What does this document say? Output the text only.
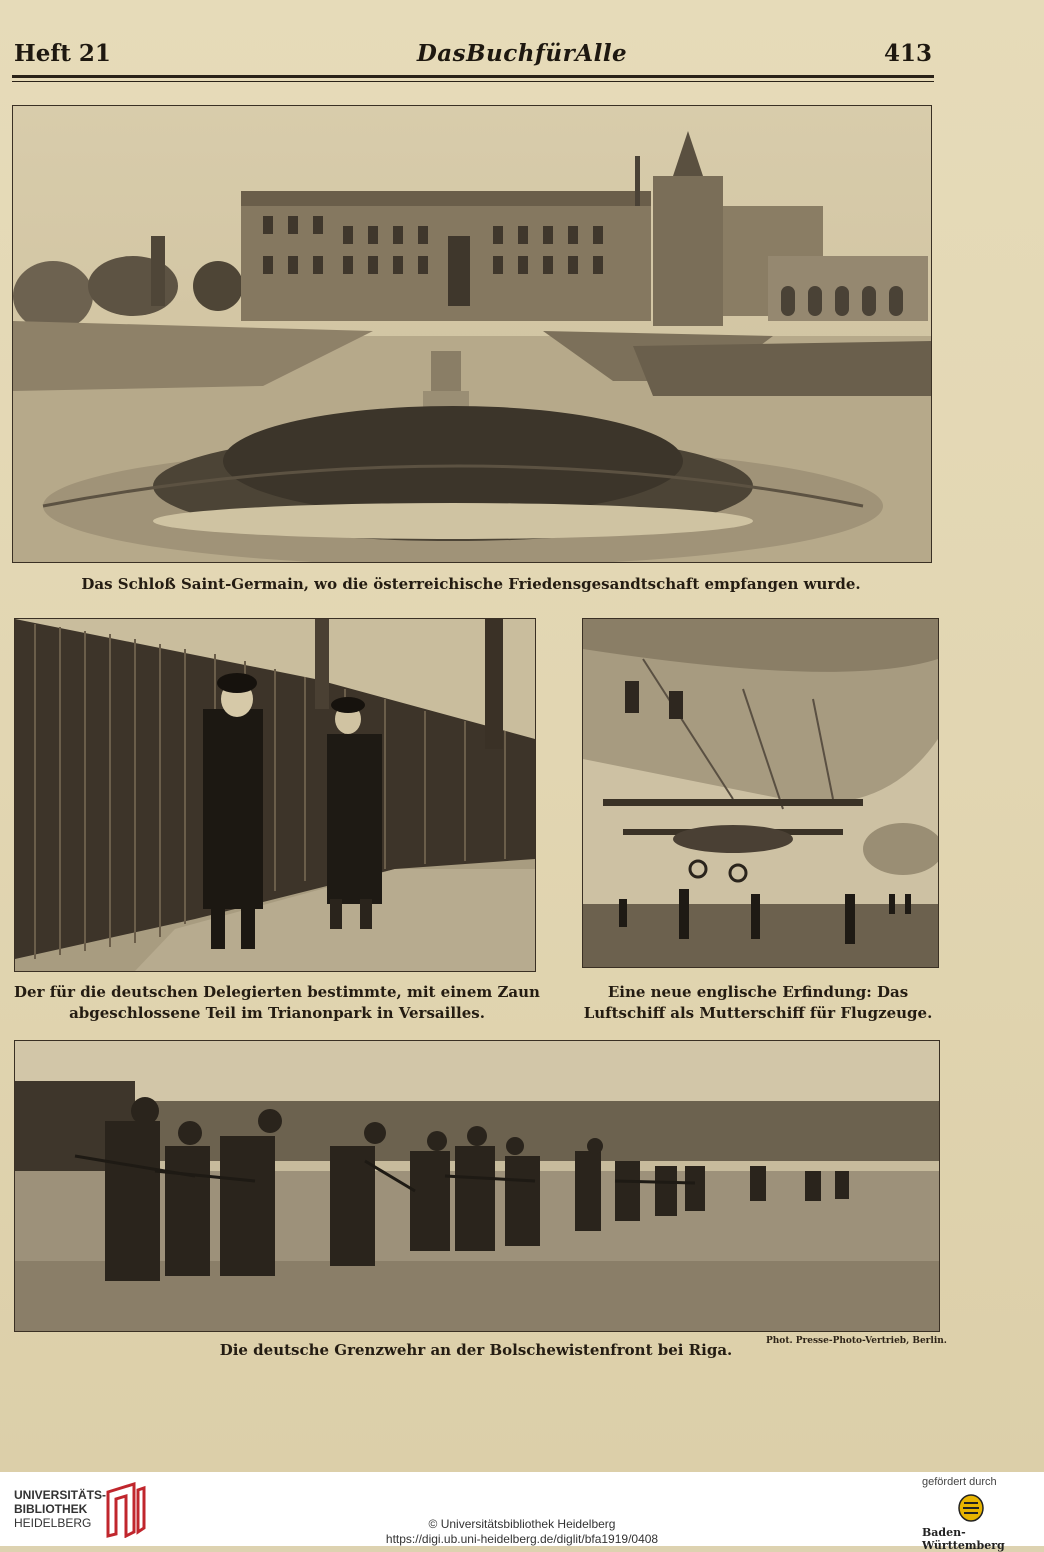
Heft 21	DasBuchfürAlle	413
Das Schloß Saint-Germain, wo die österreichische Friedensgesandtschaft empfangen wurde.
Der für die deutschen Delegierten bestimmte, mit einem Zaun abgeschlossene Teil im Trianonpark in Versailles.
Eine neue englische Erfindung: Das Luftschiff als Mutterschiff für Flugzeuge.
Phot. Presse-Photo-Vertrieb, Berlin.
Die deutsche Grenzwehr an der Bolschewistenfront bei Riga.
UNIVERSITÄTS-
BIBLIOTHEK
HEIDELBERG	© Universitätsbibliothek Heidelberg
https://digi.ub.uni-heidelberg.de/diglit/bfa1919/0408
gefördert durch
Baden-Württemberg
